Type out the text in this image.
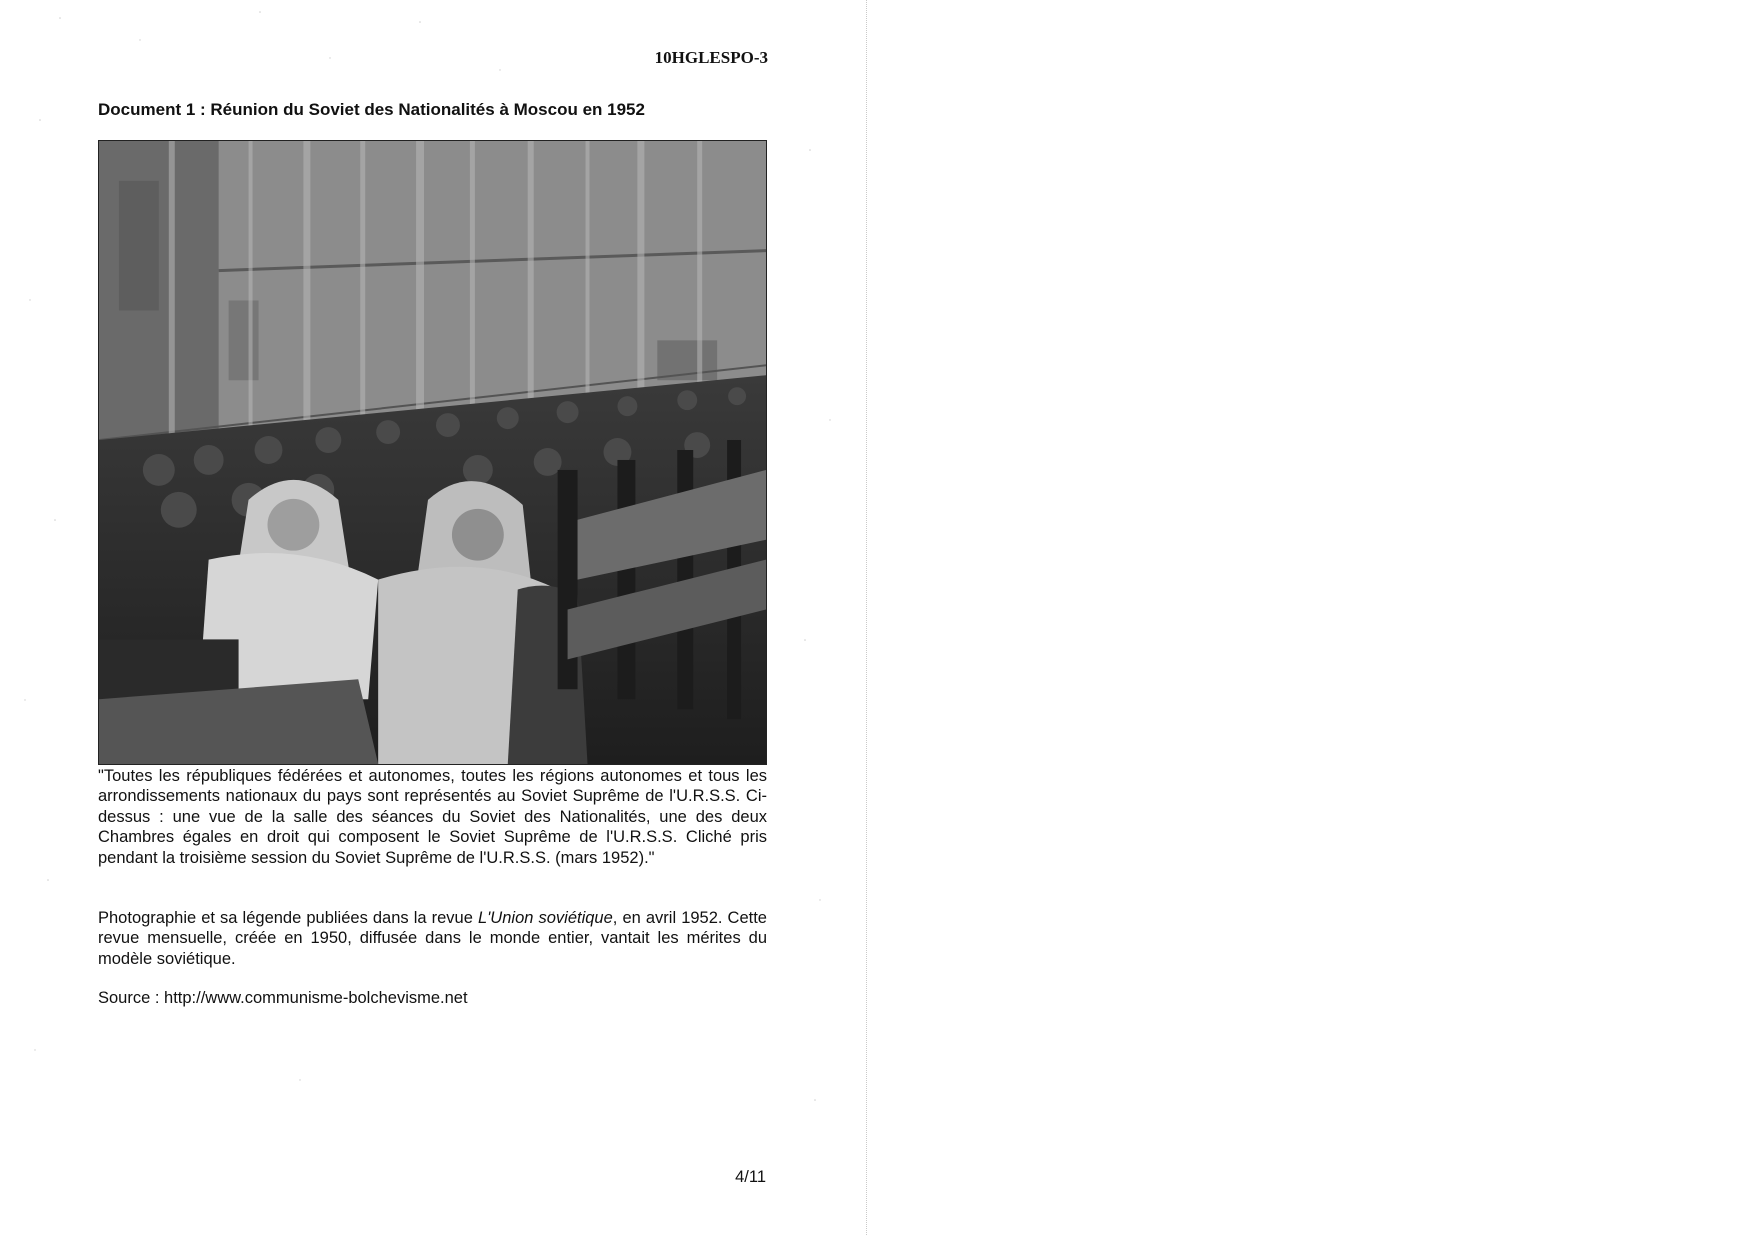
10HGLESPO-3
Document 1 : Réunion du Soviet des Nationalités à Moscou en 1952
"Toutes les républiques fédérées et autonomes, toutes les régions autonomes et tous les arrondissements nationaux du pays sont représentés au Soviet Suprême de l'U.R.S.S. Ci-dessus : une vue de la salle des séances du Soviet des Nationalités, une des deux Chambres égales en droit qui composent le Soviet Suprême de l'U.R.S.S. Cliché pris pendant la troisième session du Soviet Suprême de l'U.R.S.S. (mars 1952)."
Photographie et sa légende publiées dans la revue L'Union soviétique, en avril 1952. Cette revue mensuelle, créée en 1950, diffusée dans le monde entier, vantait les mérites du modèle soviétique.
Source : http://www.communisme-bolchevisme.net
4/11
